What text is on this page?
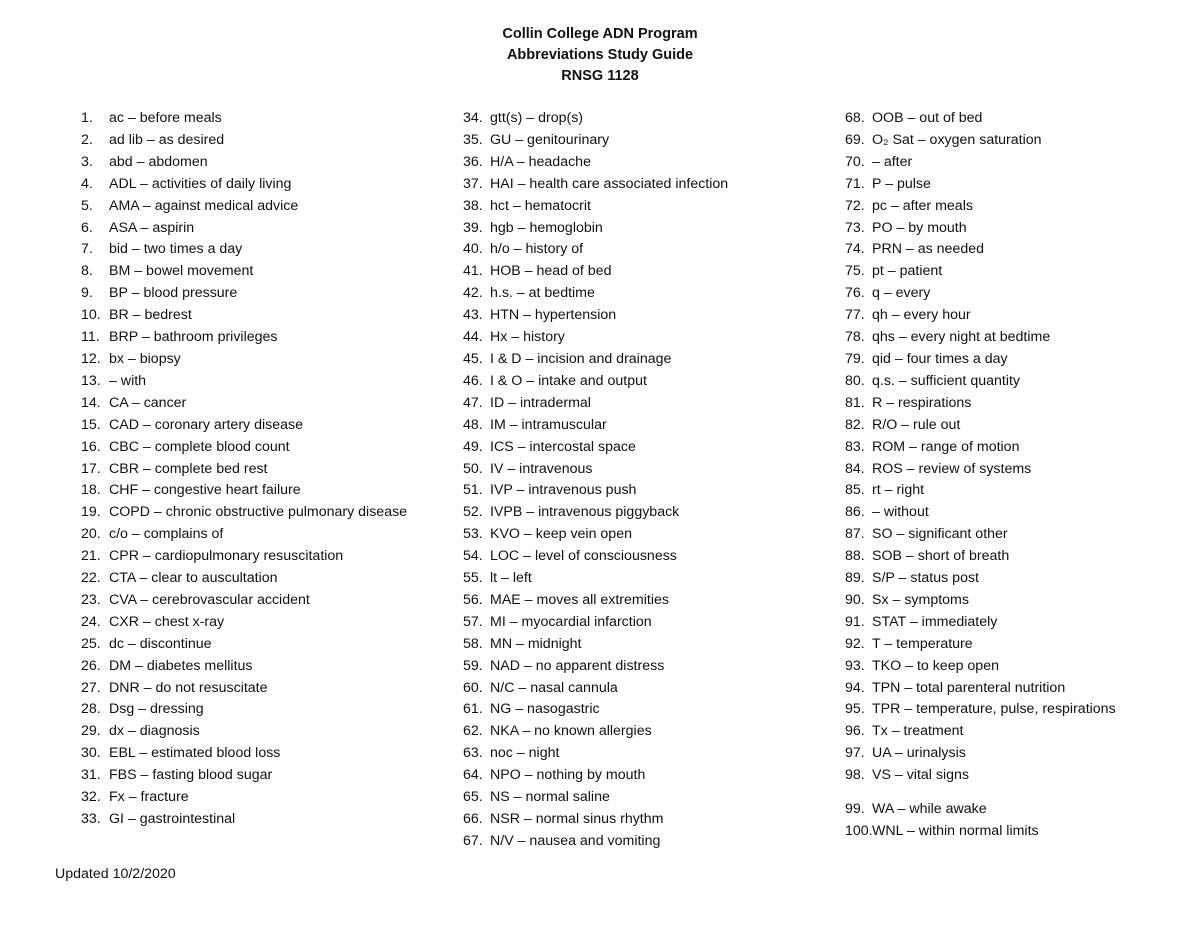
Collin College ADN Program
Abbreviations Study Guide
RNSG 1128
1.	ac – before meals
2.	ad lib – as desired
3.	abd – abdomen
4.	ADL – activities of daily living
5.	AMA – against medical advice
6.	ASA – aspirin
7.	bid – two times a day
8.	BM – bowel movement
9.	BP – blood pressure
10. BR – bedrest
11. BRP – bathroom privileges
12. bx – biopsy
13. – with
14. CA – cancer
15. CAD – coronary artery disease
16. CBC – complete blood count
17. CBR – complete bed rest
18. CHF – congestive heart failure
19. COPD – chronic obstructive pulmonary disease
20. c/o – complains of
21. CPR – cardiopulmonary resuscitation
22. CTA – clear to auscultation
23. CVA – cerebrovascular accident
24. CXR – chest x-ray
25. dc – discontinue
26. DM – diabetes mellitus
27. DNR – do not resuscitate
28. Dsg – dressing
29. dx – diagnosis
30. EBL – estimated blood loss
31. FBS – fasting blood sugar
32. Fx – fracture
33. GI – gastrointestinal
34. gtt(s) – drop(s)
35. GU – genitourinary
36. H/A – headache
37. HAI – health care associated infection
38. hct – hematocrit
39. hgb – hemoglobin
40. h/o – history of
41. HOB – head of bed
42. h.s. – at bedtime
43. HTN – hypertension
44. Hx – history
45. I & D – incision and drainage
46. I & O – intake and output
47. ID – intradermal
48. IM – intramuscular
49. ICS – intercostal space
50. IV – intravenous
51. IVP – intravenous push
52. IVPB – intravenous piggyback
53. KVO – keep vein open
54. LOC – level of consciousness
55. lt – left
56. MAE – moves all extremities
57. MI – myocardial infarction
58. MN – midnight
59. NAD – no apparent distress
60. N/C – nasal cannula
61. NG – nasogastric
62. NKA – no known allergies
63. noc – night
64. NPO – nothing by mouth
65. NS – normal saline
66. NSR – normal sinus rhythm
67. N/V – nausea and vomiting
68. OOB – out of bed
69. O₂ Sat – oxygen saturation
70. – after
71. P – pulse
72. pc – after meals
73. PO – by mouth
74. PRN – as needed
75. pt – patient
76. q – every
77. qh – every hour
78. qhs – every night at bedtime
79. qid – four times a day
80. q.s. – sufficient quantity
81. R – respirations
82. R/O – rule out
83. ROM – range of motion
84. ROS – review of systems
85. rt – right
86. – without
87. SO – significant other
88. SOB – short of breath
89. S/P – status post
90. Sx – symptoms
91. STAT – immediately
92. T – temperature
93. TKO – to keep open
94. TPN – total parenteral nutrition
95. TPR – temperature, pulse, respirations
96. Tx – treatment
97. UA – urinalysis
98. VS – vital signs
99. WA – while awake
100. WNL – within normal limits
Updated 10/2/2020
